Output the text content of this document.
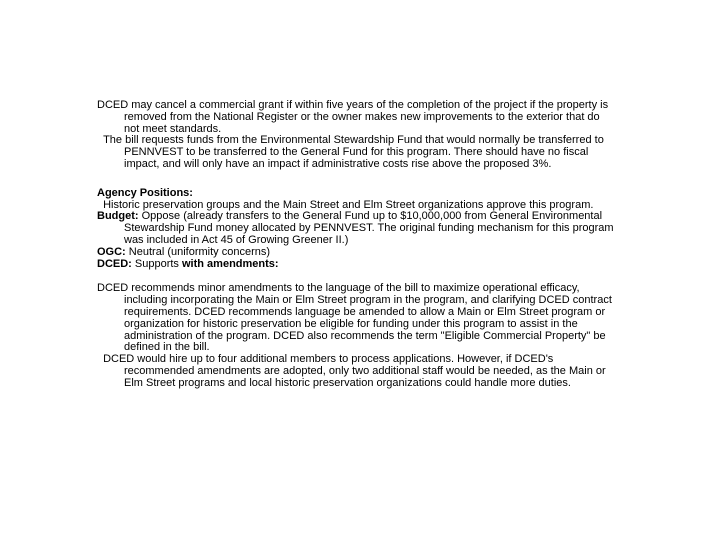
DCED may cancel a commercial grant if within five years of the completion of the project if the property is removed from the National Register or the owner makes new improvements to the exterior that do not meet standards.

The bill requests funds from the Environmental Stewardship Fund that would normally be transferred to PENNVEST to be transferred to the General Fund for this program. There should have no fiscal impact, and will only have an impact if administrative costs rise above the proposed 3%.

Agency Positions:

Historic preservation groups and the Main Street and Elm Street organizations approve this program.

Budget: Oppose (already transfers to the General Fund up to $10,000,000 from General Environmental Stewardship Fund money allocated by PENNVEST. The original funding mechanism for this program was included in Act 45 of Growing Greener II.)

OGC: Neutral (uniformity concerns)

DCED: Supports with amendments:

DCED recommends minor amendments to the language of the bill to maximize operational efficacy, including incorporating the Main or Elm Street program in the program, and clarifying DCED contract requirements. DCED recommends language be amended to allow a Main or Elm Street program or organization for historic preservation be eligible for funding under this program to assist in the administration of the program. DCED also recommends the term "Eligible Commercial Property" be defined in the bill.

DCED would hire up to four additional members to process applications. However, if DCED's recommended amendments are adopted, only two additional staff would be needed, as the Main or Elm Street programs and local historic preservation organizations could handle more duties.
